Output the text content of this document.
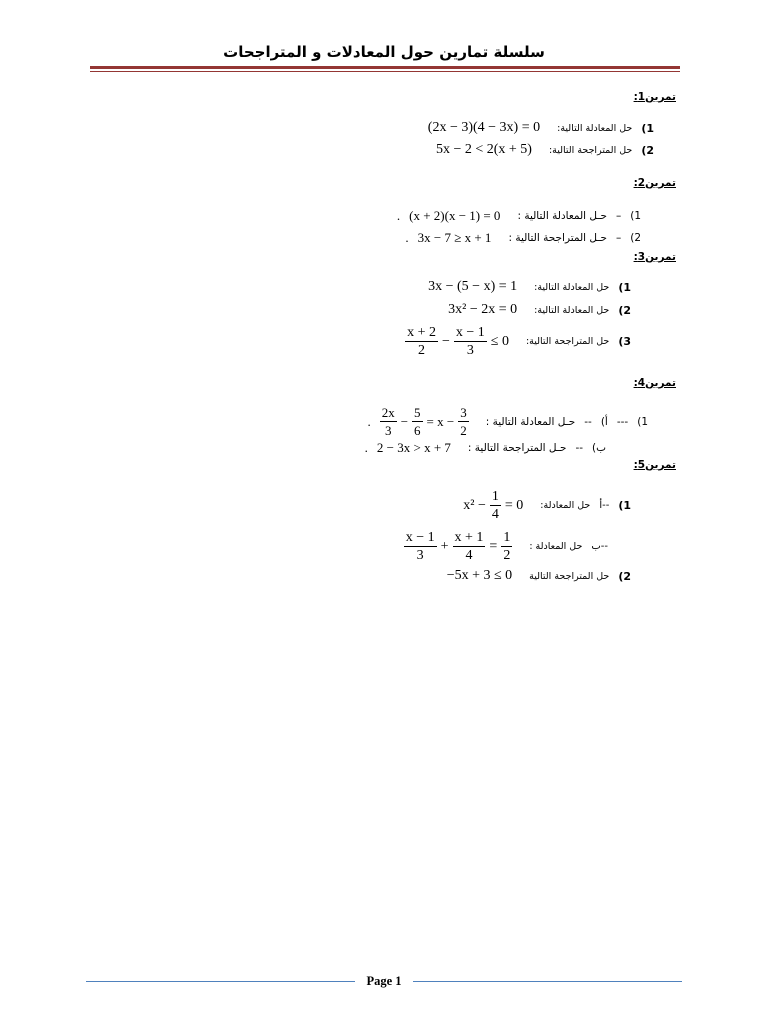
سلسلة تمارين حول المعادلات و المتراجحات
تمرين1:
1)
حل المعادلة التالية:
(2x − 3)(4 − 3x) = 0
2)
حل المتراجحة التالية:
5x − 2 < 2(x + 5)
تمرين2:
1)
–
حـل المعادلة التالية :
(x + 2)(x − 1) = 0
.
2)
–
حـل المتراجحة التالية :
3x − 7 ≥ x + 1
.
تمرين3:
1)
حل المعادلة التالية:
3x − (5 − x) = 1
2)
حل المعادلة التالية:
3x² − 2x = 0
3)
حل المتراجحة التالية:
$\frac{x + 2}{2} - \frac{x - 1}{3} \le 0$
تمرين4:
1)
---
أ)
--
حـل المعادلة التالية :
$\frac{2x}{3} - \frac{5}{6} = x - \frac{3}{2}$
.
ب)
--
حـل المتراجحة التالية :
2 − 3x > x + 7
.
تمرين5:
1)
أ--
حل المعادلة:
$x^2 - \frac{1}{4} = 0$
ب--
حل المعادلة :
$\frac{x - 1}{3} + \frac{x + 1}{4} = \frac{1}{2}$
2)
حل المتراجحة التالية
−5x + 3 ≤ 0
Page 1
